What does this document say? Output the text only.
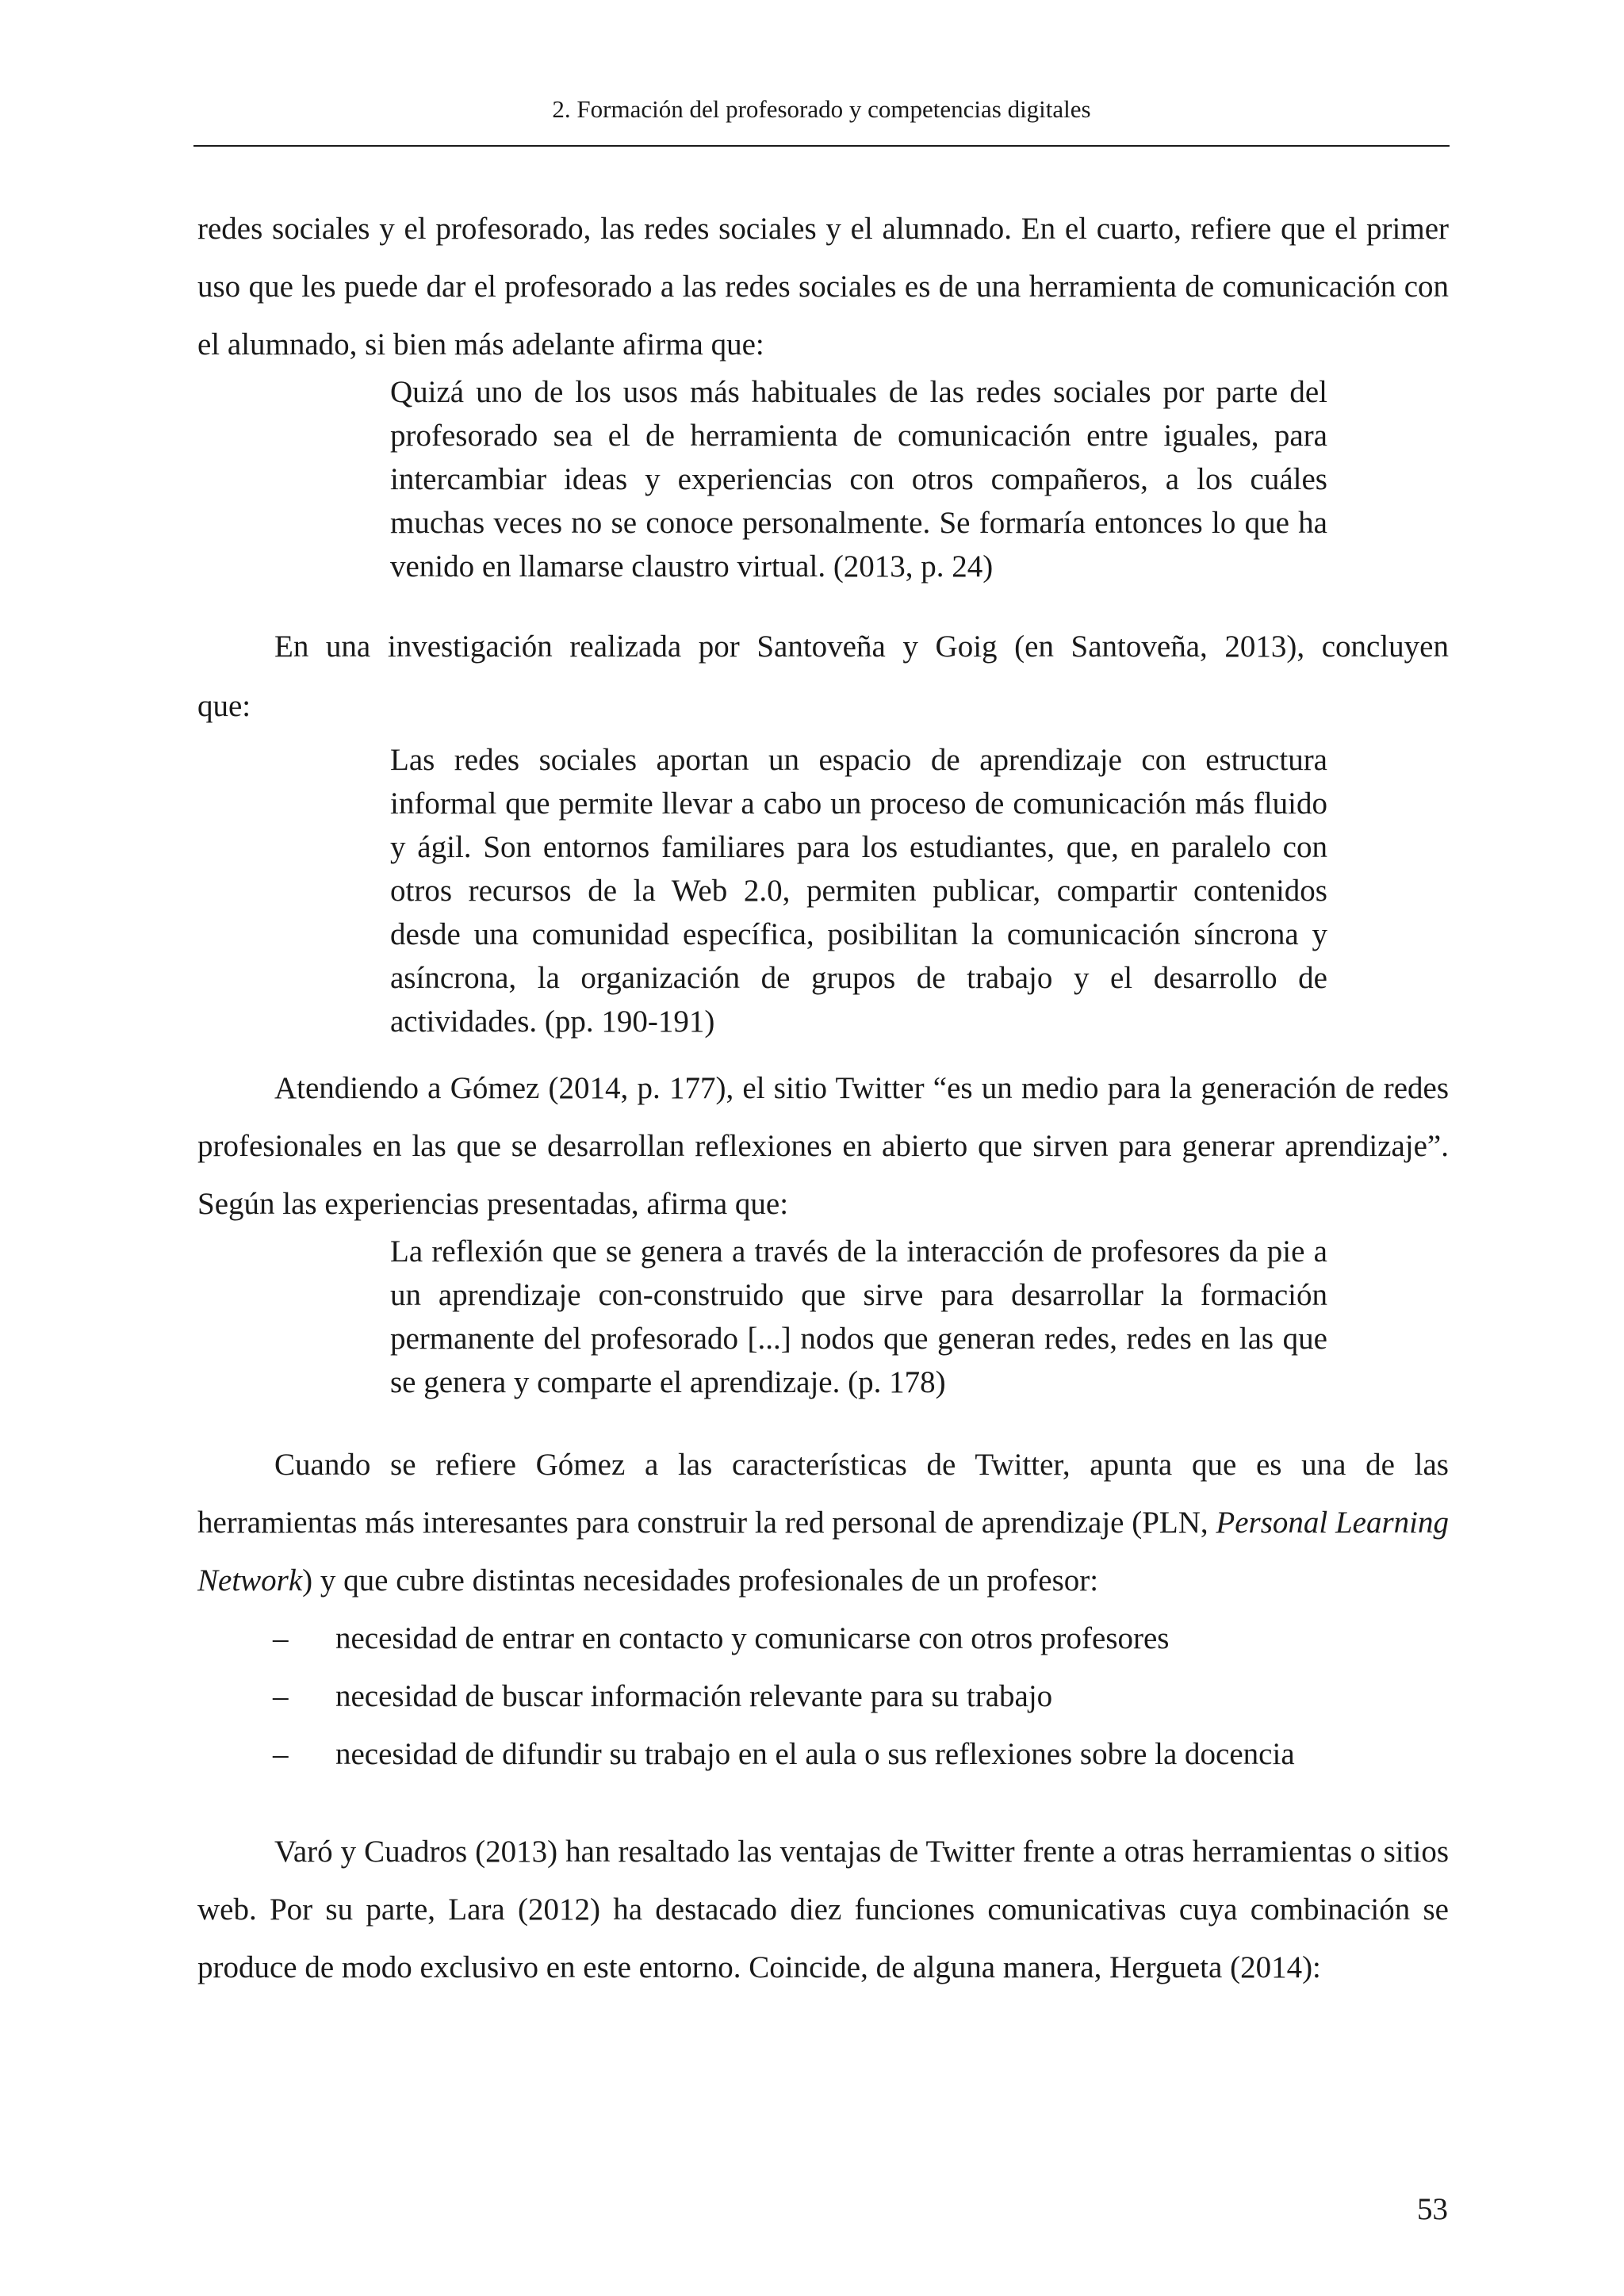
2. Formación del profesorado y competencias digitales

redes sociales y el profesorado, las redes sociales y el alumnado. En el cuarto, refiere que el primer uso que les puede dar el profesorado a las redes sociales es de una herramienta de comunicación con el alumnado, si bien más adelante afirma que:

Quizá uno de los usos más habituales de las redes sociales por parte del profesorado sea el de herramienta de comunicación entre iguales, para intercambiar ideas y experiencias con otros compañeros, a los cuáles muchas veces no se conoce personalmente. Se formaría entonces lo que ha venido en llamarse claustro virtual. (2013, p. 24)

En una investigación realizada por Santoveña y Goig (en Santoveña, 2013), concluyen

que:

Las redes sociales aportan un espacio de aprendizaje con estructura informal que permite llevar a cabo un proceso de comunicación más fluido y ágil. Son entornos familiares para los estudiantes, que, en paralelo con otros recursos de la Web 2.0, permiten publicar, compartir contenidos desde una comunidad específica, posibilitan la comunicación síncrona y asíncrona, la organización de grupos de trabajo y el desarrollo de actividades. (pp. 190-191)

Atendiendo a Gómez (2014, p. 177), el sitio Twitter “es un medio para la generación de redes profesionales en las que se desarrollan reflexiones en abierto que sirven para generar aprendizaje”. Según las experiencias presentadas, afirma que:

La reflexión que se genera a través de la interacción de profesores da pie a un aprendizaje con-construido que sirve para desarrollar la formación permanente del profesorado [...] nodos que generan redes, redes en las que se genera y comparte el aprendizaje. (p. 178)

Cuando se refiere Gómez a las características de Twitter, apunta que es una de las herramientas más interesantes para construir la red personal de aprendizaje (PLN, Personal Learning Network) y que cubre distintas necesidades profesionales de un profesor:

– necesidad de entrar en contacto y comunicarse con otros profesores
– necesidad de buscar información relevante para su trabajo
– necesidad de difundir su trabajo en el aula o sus reflexiones sobre la docencia

Varó y Cuadros (2013) han resaltado las ventajas de Twitter frente a otras herramientas o sitios web. Por su parte, Lara (2012) ha destacado diez funciones comunicativas cuya combinación se produce de modo exclusivo en este entorno. Coincide, de alguna manera, Hergueta (2014):

53
